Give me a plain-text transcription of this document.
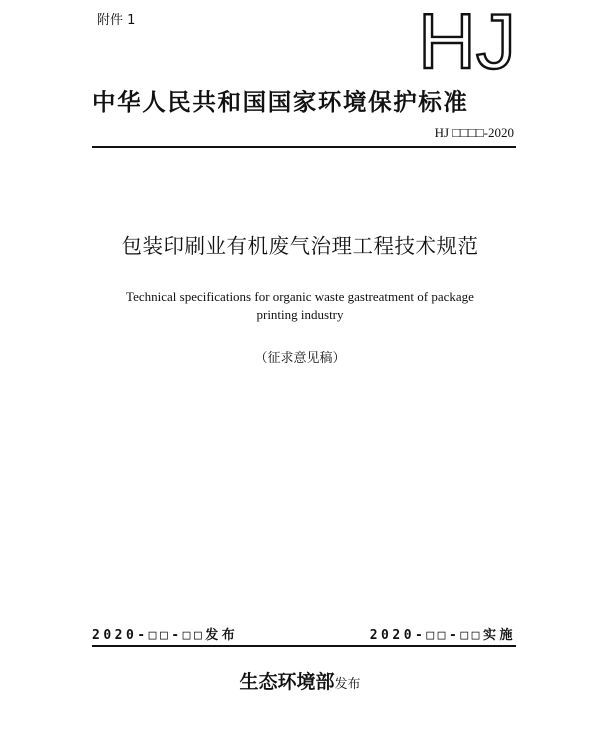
附件 1	HJ
中华人民共和国国家环境保护标准
HJ □□□□-2020
包装印刷业有机废气治理工程技术规范
Technical specifications for organic waste gastreatment of package
printing industry
（征求意见稿）
2020-□□-□□发布	2020-□□-□□实施
生态环境部发布
